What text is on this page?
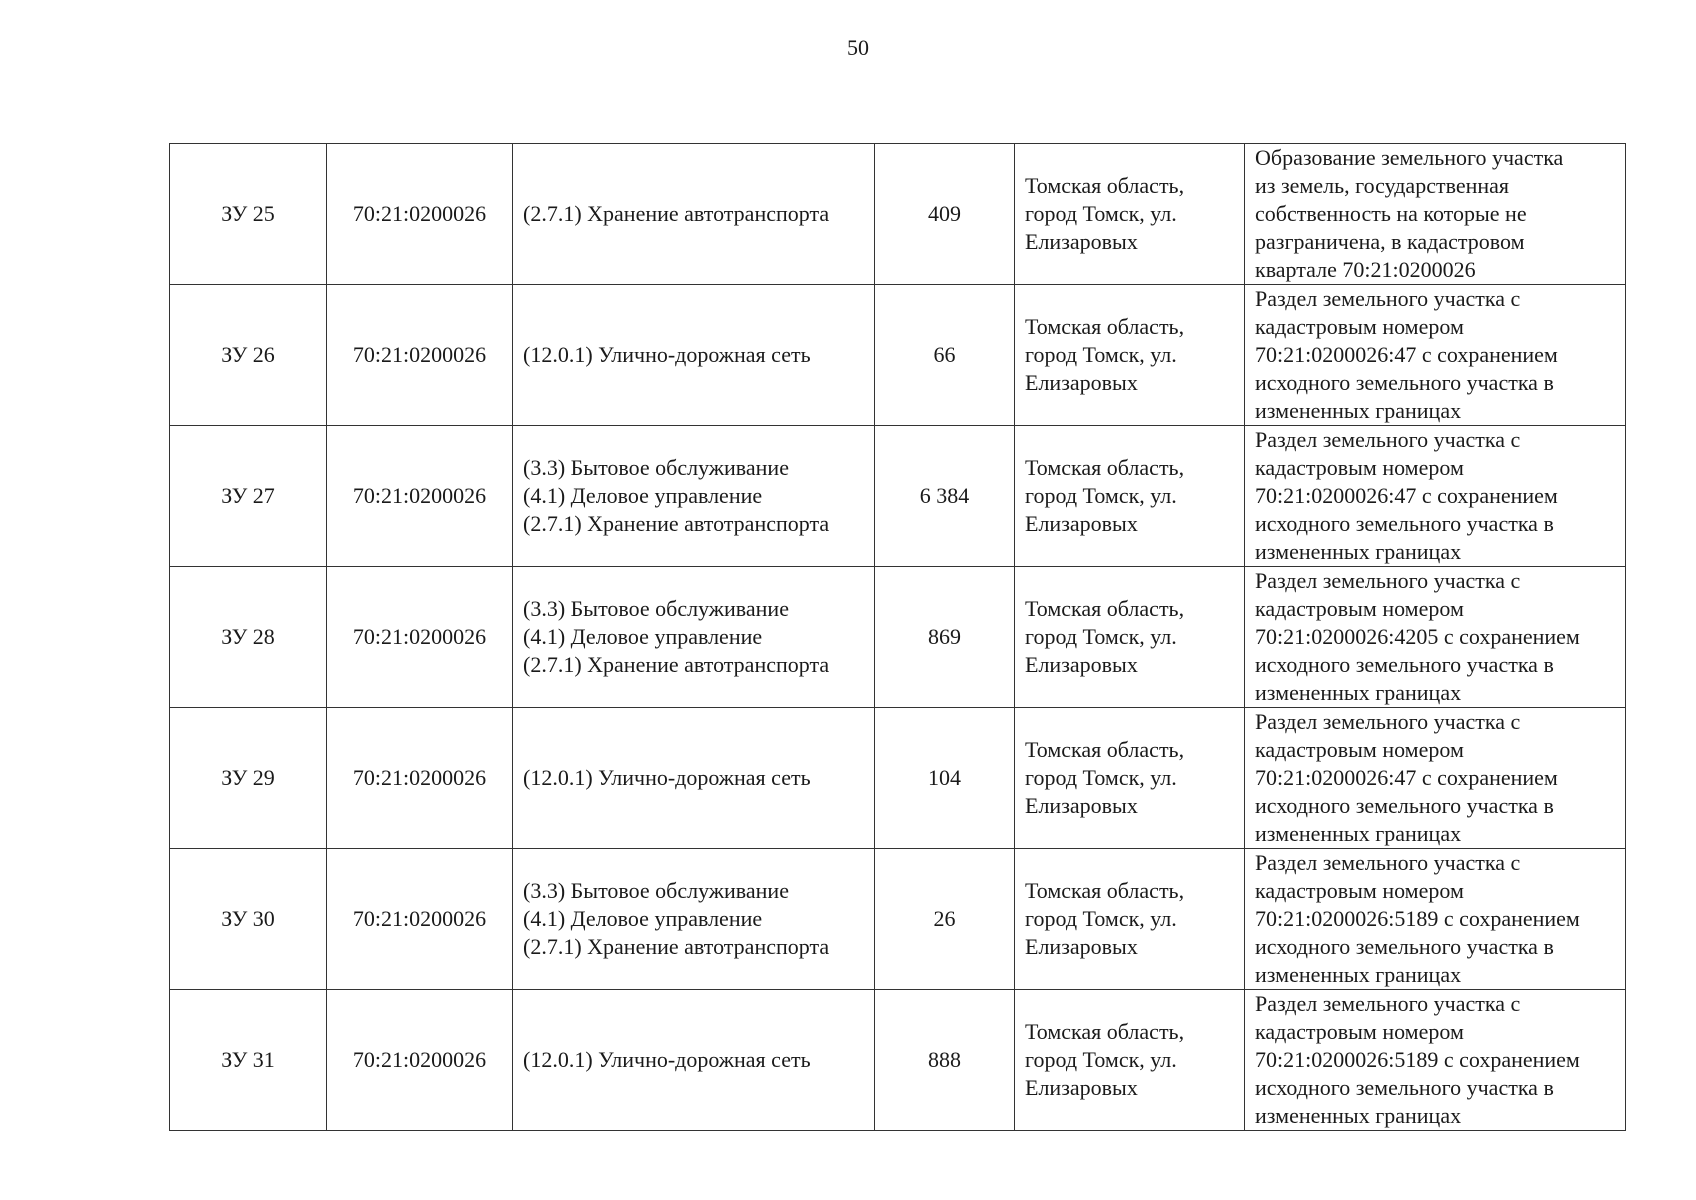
50
ЗУ 25	70:21:0200026	(2.7.1) Хранение автотранспорта	409	Томская область,
город Томск, ул.
Елизаровых	Образование земельного участка
из земель, государственная
собственность на которые не
разграничена, в кадастровом
квартале 70:21:0200026

ЗУ 26	70:21:0200026	(12.0.1) Улично-дорожная сеть	66	Томская область,
город Томск, ул.
Елизаровых	Раздел земельного участка с
кадастровым номером
70:21:0200026:47 с сохранением
исходного земельного участка в
измененных границах

ЗУ 27	70:21:0200026	(3.3) Бытовое обслуживание
(4.1) Деловое управление
(2.7.1) Хранение автотранспорта	6 384	Томская область,
город Томск, ул.
Елизаровых	Раздел земельного участка с
кадастровым номером
70:21:0200026:47 с сохранением
исходного земельного участка в
измененных границах

ЗУ 28	70:21:0200026	(3.3) Бытовое обслуживание
(4.1) Деловое управление
(2.7.1) Хранение автотранспорта	869	Томская область,
город Томск, ул.
Елизаровых	Раздел земельного участка с
кадастровым номером
70:21:0200026:4205 с сохранением
исходного земельного участка в
измененных границах

ЗУ 29	70:21:0200026	(12.0.1) Улично-дорожная сеть	104	Томская область,
город Томск, ул.
Елизаровых	Раздел земельного участка с
кадастровым номером
70:21:0200026:47 с сохранением
исходного земельного участка в
измененных границах

ЗУ 30	70:21:0200026	(3.3) Бытовое обслуживание
(4.1) Деловое управление
(2.7.1) Хранение автотранспорта	26	Томская область,
город Томск, ул.
Елизаровых	Раздел земельного участка с
кадастровым номером
70:21:0200026:5189 с сохранением
исходного земельного участка в
измененных границах

ЗУ 31	70:21:0200026	(12.0.1) Улично-дорожная сеть	888	Томская область,
город Томск, ул.
Елизаровых	Раздел земельного участка с
кадастровым номером
70:21:0200026:5189 с сохранением
исходного земельного участка в
измененных границах
